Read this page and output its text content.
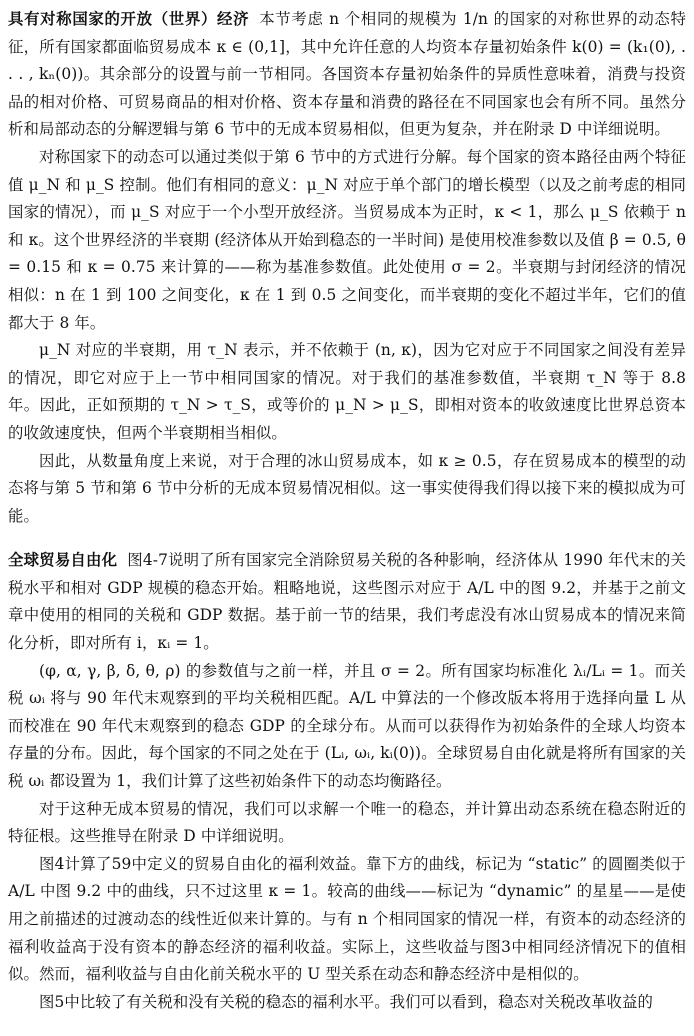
具有对称国家的开放（世界）经济 本节考虑 n 个相同的规模为 1/n 的国家的对称世界的动态特征，所有国家都面临贸易成本 κ ∈ (0,1]，其中允许任意的人均资本存量初始条件 k(0) = (k₁(0), . . . , kₙ(0))。其余部分的设置与前一节相同。各国资本存量初始条件的异质性意味着，消费与投资品的相对价格、可贸易商品的相对价格、资本存量和消费的路径在不同国家也会有所不同。虽然分析和局部动态的分解逻辑与第 6 节中的无成本贸易相似，但更为复杂，并在附录 D 中详细说明。

对称国家下的动态可以通过类似于第 6 节中的方式进行分解。每个国家的资本路径由两个特征值 μ_N 和 μ_S 控制。他们有相同的意义：μ_N 对应于单个部门的增长模型（以及之前考虑的相同国家的情况），而 μ_S 对应于一个小型开放经济。当贸易成本为正时，κ < 1，那么 μ_S 依赖于 n 和 κ。这个世界经济的半衰期 (经济体从开始到稳态的一半时间) 是使用校准参数以及值 β = 0.5, θ = 0.15 和 κ = 0.75 来计算的——称为基准参数值。此处使用 σ = 2。半衰期与封闭经济的情况相似：n 在 1 到 100 之间变化，κ 在 1 到 0.5 之间变化，而半衰期的变化不超过半年，它们的值都大于 8 年。

μ_N 对应的半衰期，用 τ_N 表示，并不依赖于 (n, κ)，因为它对应于不同国家之间没有差异的情况，即它对应于上一节中相同国家的情况。对于我们的基准参数值，半衰期 τ_N 等于 8.8 年。因此，正如预期的 τ_N > τ_S，或等价的 μ_N > μ_S，即相对资本的收敛速度比世界总资本的收敛速度快，但两个半衰期相当相似。

因此，从数量角度上来说，对于合理的冰山贸易成本，如 κ ≥ 0.5，存在贸易成本的模型的动态将与第 5 节和第 6 节中分析的无成本贸易情况相似。这一事实使得我们得以接下来的模拟成为可能。

全球贸易自由化 图4-7说明了所有国家完全消除贸易关税的各种影响，经济体从 1990 年代末的关税水平和相对 GDP 规模的稳态开始。粗略地说，这些图示对应于 A/L 中的图 9.2，并基于之前文章中使用的相同的关税和 GDP 数据。基于前一节的结果，我们考虑没有冰山贸易成本的情况来简化分析，即对所有 i，κᵢ = 1。

(φ, α, γ, β, δ, θ, ρ) 的参数值与之前一样，并且 σ = 2。所有国家均标准化 λᵢ/Lᵢ = 1。而关税 ωᵢ 将与 90 年代末观察到的平均关税相匹配。A/L 中算法的一个修改版本将用于选择向量 L 从而校准在 90 年代末观察到的稳态 GDP 的全球分布。从而可以获得作为初始条件的全球人均资本存量的分布。因此，每个国家的不同之处在于 (Lᵢ, ωᵢ, kᵢ(0))。全球贸易自由化就是将所有国家的关税 ωᵢ 都设置为 1，我们计算了这些初始条件下的动态均衡路径。

对于这种无成本贸易的情况，我们可以求解一个唯一的稳态，并计算出动态系统在稳态附近的特征根。这些推导在附录 D 中详细说明。

图4计算了59中定义的贸易自由化的福利效益。靠下方的曲线，标记为 “static” 的圆圈类似于 A/L 中图 9.2 中的曲线，只不过这里 κ = 1。较高的曲线——标记为 “dynamic” 的星星——是使用之前描述的过渡动态的线性近似来计算的。与有 n 个相同国家的情况一样，有资本的动态经济的福利收益高于没有资本的静态经济的福利收益。实际上，这些收益与图3中相同经济情况下的值相似。然而，福利收益与自由化前关税水平的 U 型关系在动态和静态经济中是相似的。

图5中比较了有关税和没有关税的稳态的福利水平。我们可以看到，稳态对关税改革收益的
